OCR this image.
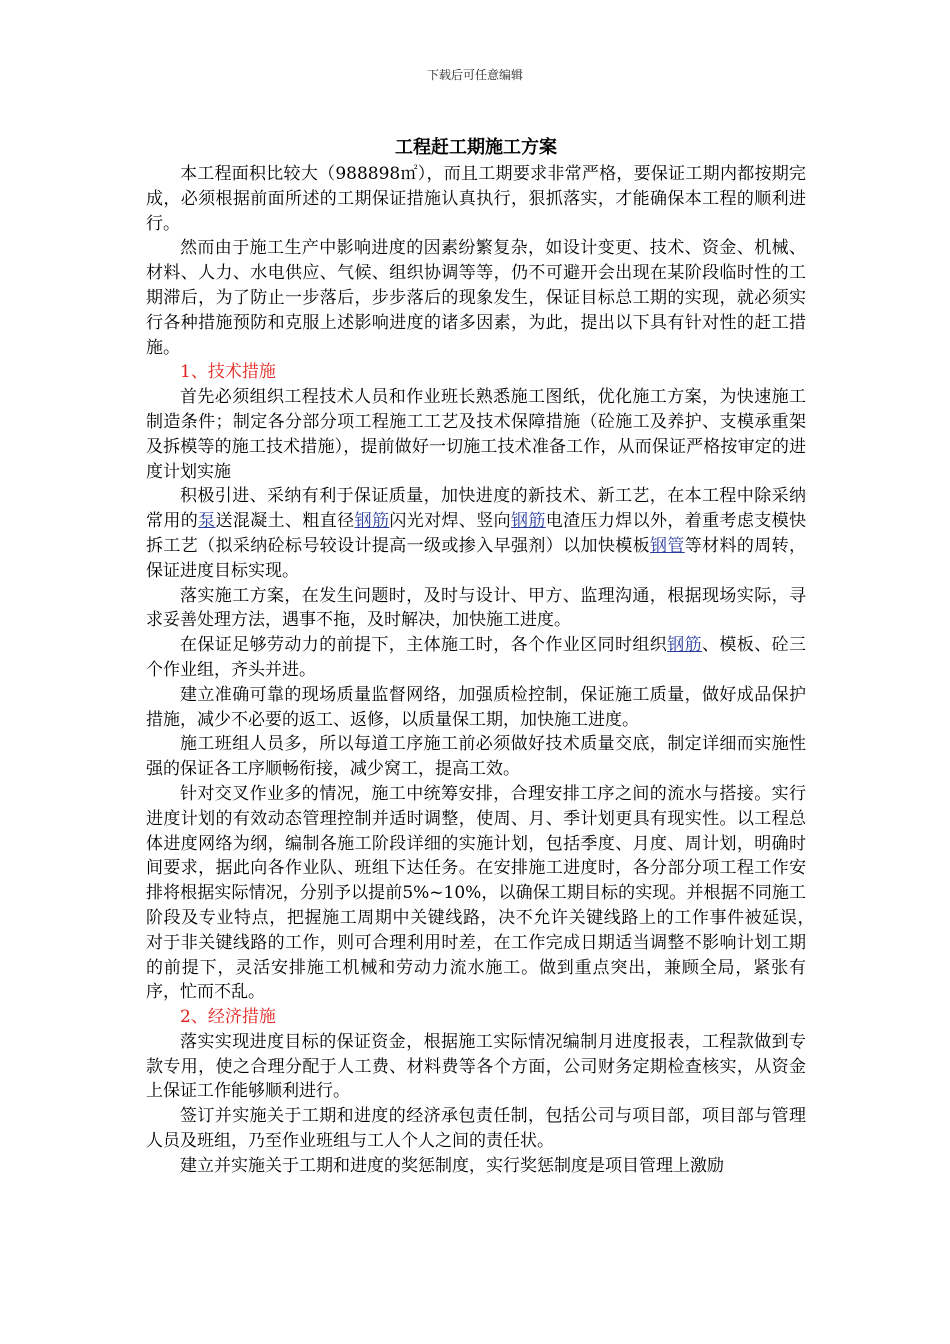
下载后可任意编辑
工程赶工期施工方案

本工程面积比较大（988898㎡），而且工期要求非常严格，要保证工期内都按期完成，必须根据前面所述的工期保证措施认真执行，狠抓落实，才能确保本工程的顺利进行。

然而由于施工生产中影响进度的因素纷繁复杂，如设计变更、技术、资金、机械、材料、人力、水电供应、气候、组织协调等等，仍不可避开会出现在某阶段临时性的工期滞后，为了防止一步落后，步步落后的现象发生，保证目标总工期的实现，就必须实行各种措施预防和克服上述影响进度的诸多因素，为此，提出以下具有针对性的赶工措施。

1、技术措施

首先必须组织工程技术人员和作业班长熟悉施工图纸，优化施工方案，为快速施工制造条件；制定各分部分项工程施工工艺及技术保障措施（砼施工及养护、支模承重架及拆模等的施工技术措施），提前做好一切施工技术准备工作，从而保证严格按审定的进度计划实施

积极引进、采纳有利于保证质量，加快进度的新技术、新工艺，在本工程中除采纳常用的泵送混凝土、粗直径钢筋闪光对焊、竖向钢筋电渣压力焊以外，着重考虑支模快拆工艺（拟采纳砼标号较设计提高一级或掺入早强剂）以加快模板钢管等材料的周转，保证进度目标实现。

落实施工方案，在发生问题时，及时与设计、甲方、监理沟通，根据现场实际，寻求妥善处理方法，遇事不拖，及时解决，加快施工进度。

在保证足够劳动力的前提下，主体施工时，各个作业区同时组织钢筋、模板、砼三个作业组，齐头并进。

建立准确可靠的现场质量监督网络，加强质检控制，保证施工质量，做好成品保护措施，减少不必要的返工、返修，以质量保工期，加快施工进度。

施工班组人员多，所以每道工序施工前必须做好技术质量交底，制定详细而实施性强的保证各工序顺畅衔接，减少窝工，提高工效。

针对交叉作业多的情况，施工中统筹安排，合理安排工序之间的流水与搭接。实行进度计划的有效动态管理控制并适时调整，使周、月、季计划更具有现实性。以工程总体进度网络为纲，编制各施工阶段详细的实施计划，包括季度、月度、周计划，明确时间要求，据此向各作业队、班组下达任务。在安排施工进度时，各分部分项工程工作安排将根据实际情况，分别予以提前5%~10%，以确保工期目标的实现。并根据不同施工阶段及专业特点，把握施工周期中关键线路，决不允许关键线路上的工作事件被延误，　 对于非关键线路的工作，则可合理利用时差，在工作完成日期适当调整不影响计划工期的前提下，灵活安排施工机械和劳动力流水施工。做到重点突出，兼顾全局，紧张有序，忙而不乱。

2、经济措施

落实实现进度目标的保证资金，根据施工实际情况编制月进度报表，工程款做到专款专用，使之合理分配于人工费、材料费等各个方面，公司财务定期检查核实，从资金上保证工作能够顺利进行。

签订并实施关于工期和进度的经济承包责任制，包括公司与项目部，项目部与管理人员及班组，乃至作业班组与工人个人之间的责任状。

建立并实施关于工期和进度的奖惩制度，实行奖惩制度是项目管理上激励
